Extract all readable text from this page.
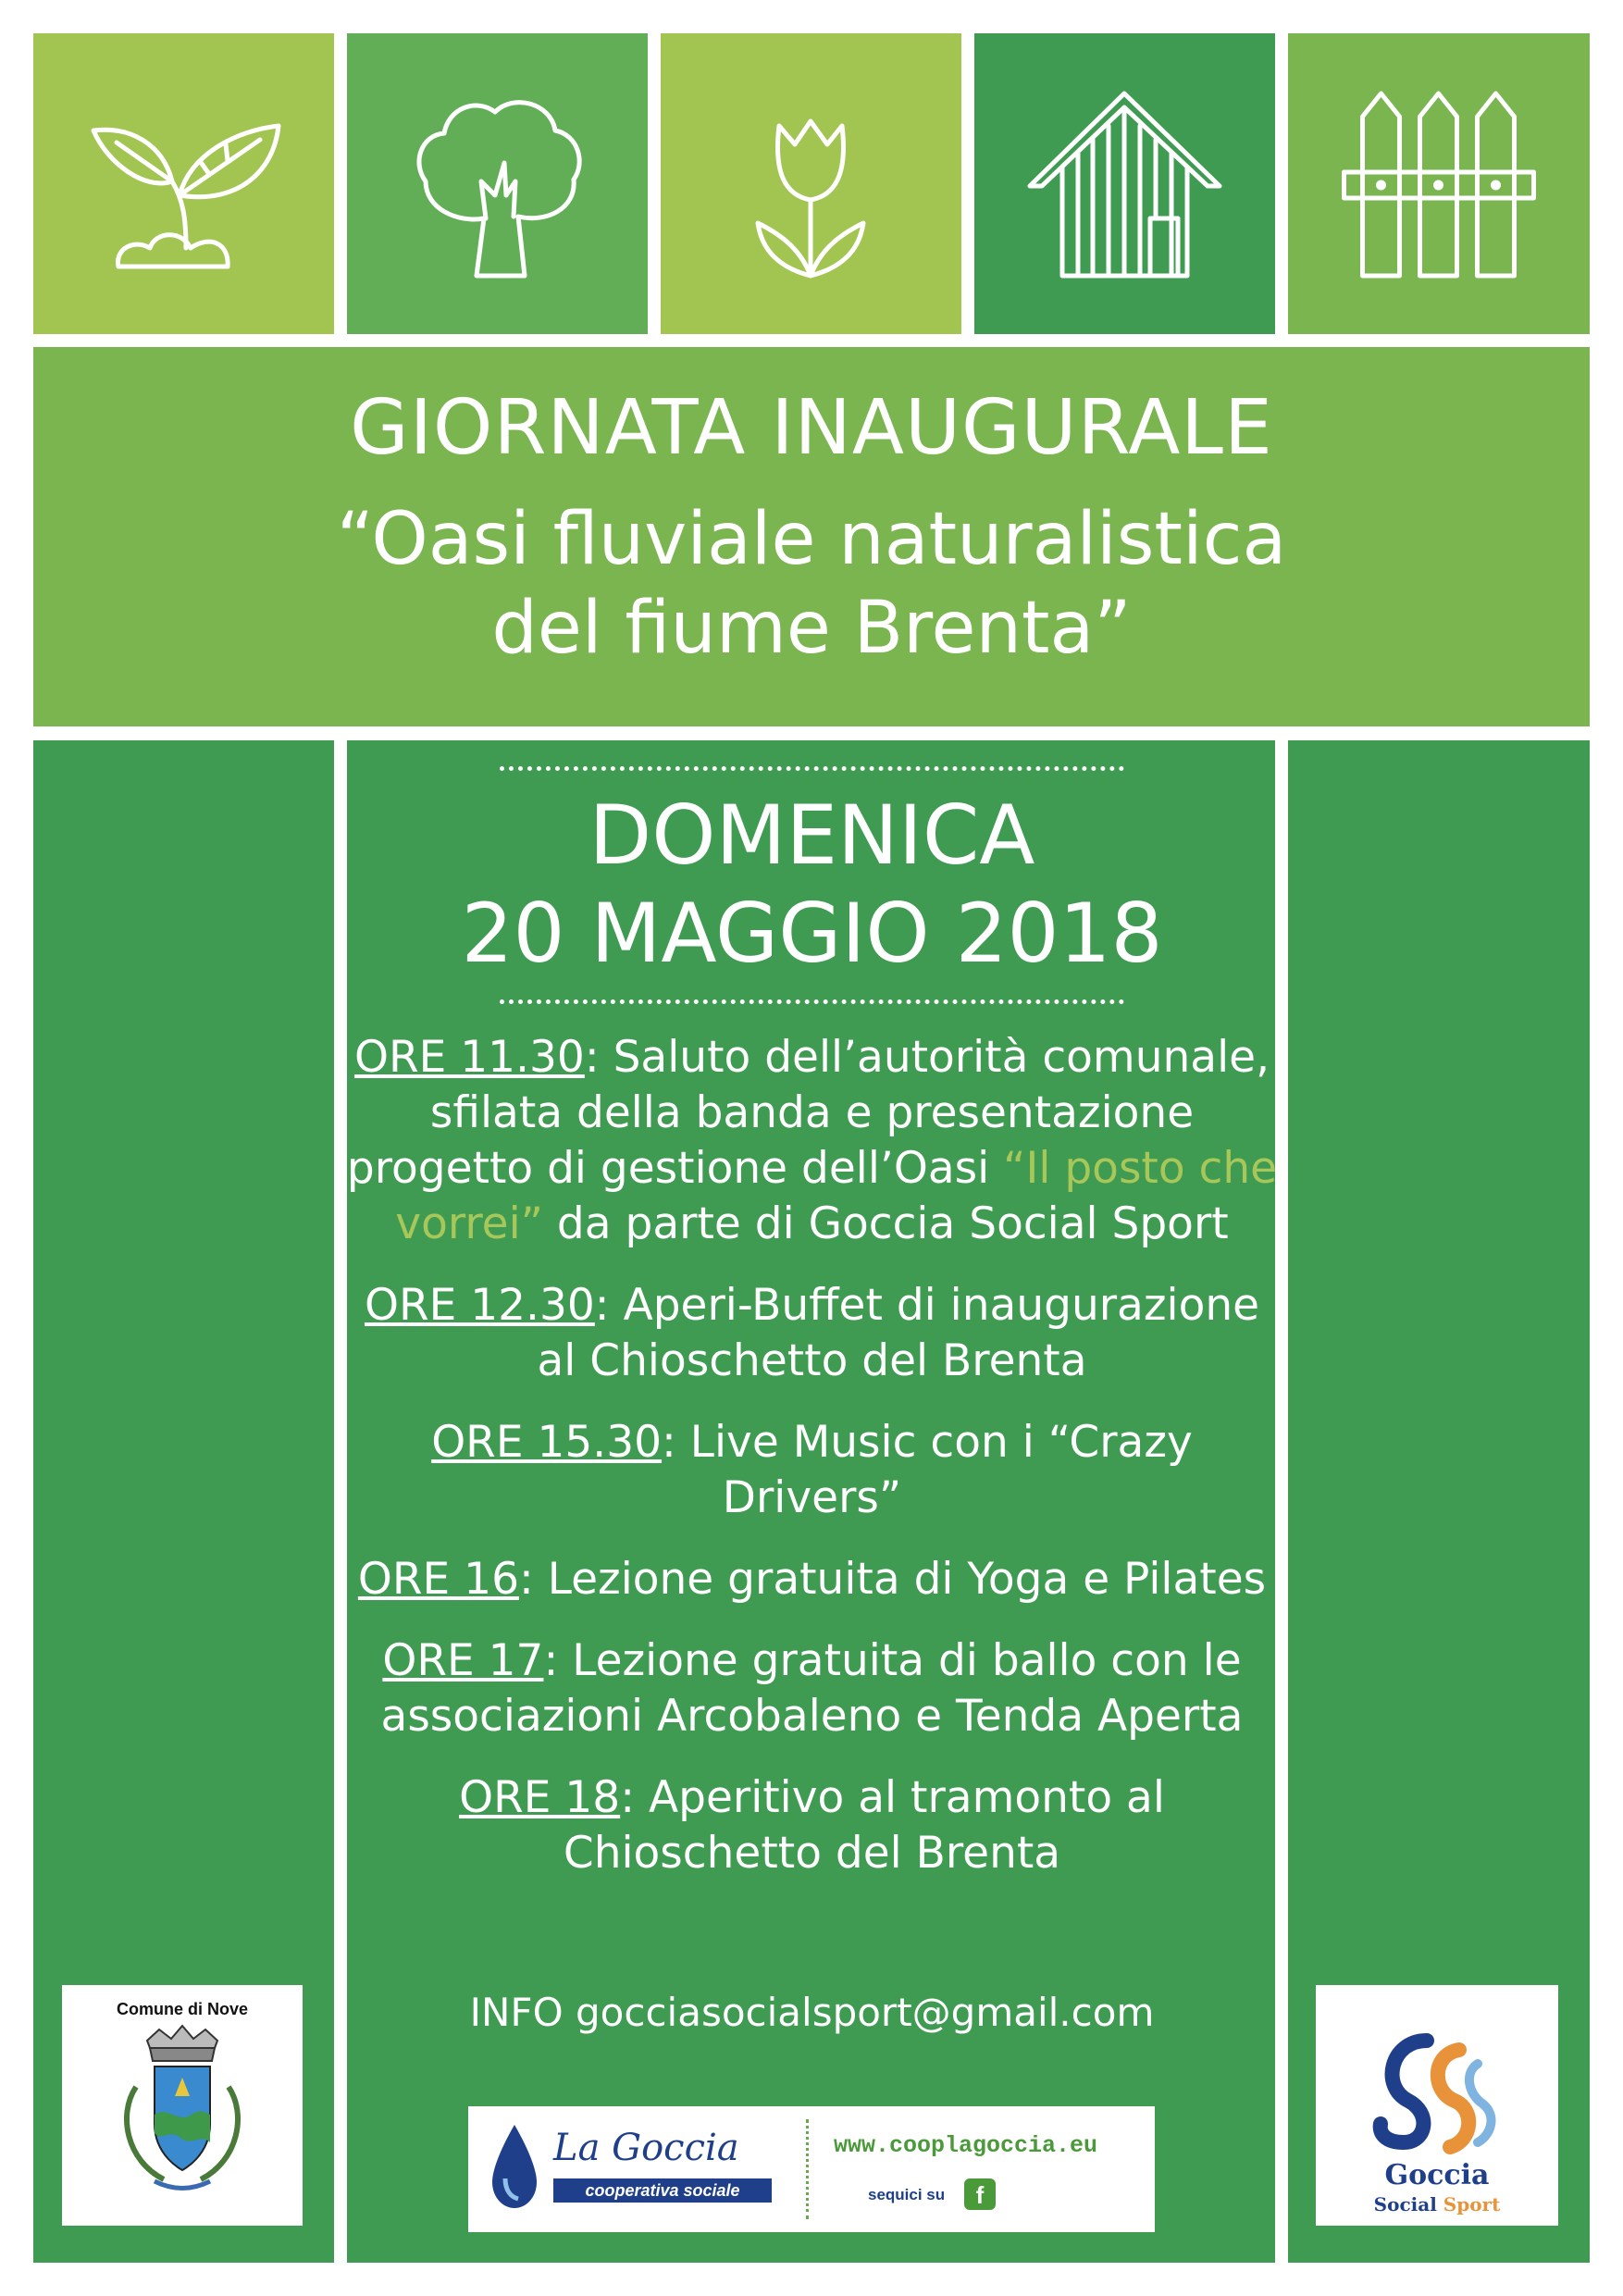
GIORNATA INAUGURALE
“Oasi fluviale naturalistica
del fiume Brenta”
DOMENICA
20 MAGGIO 2018
ORE 11.30: Saluto dell’autorità comunale, sfilata della banda e presentazione progetto di gestione dell’Oasi “Il posto che vorrei” da parte di Goccia Social Sport
ORE 12.30: Aperi-Buffet di inaugurazione al Chioschetto del Brenta
ORE 15.30: Live Music con i “Crazy Drivers”
ORE 16: Lezione gratuita di Yoga e Pilates
ORE 17: Lezione gratuita di ballo con le associazioni Arcobaleno e Tenda Aperta
ORE 18: Aperitivo al tramonto al Chioschetto del Brenta
INFO gocciasocialsport@gmail.com
Comune di Nove
La Goccia
cooperativa sociale
www.cooplagoccia.eu
sequici su	f
Goccia
Social Sport
